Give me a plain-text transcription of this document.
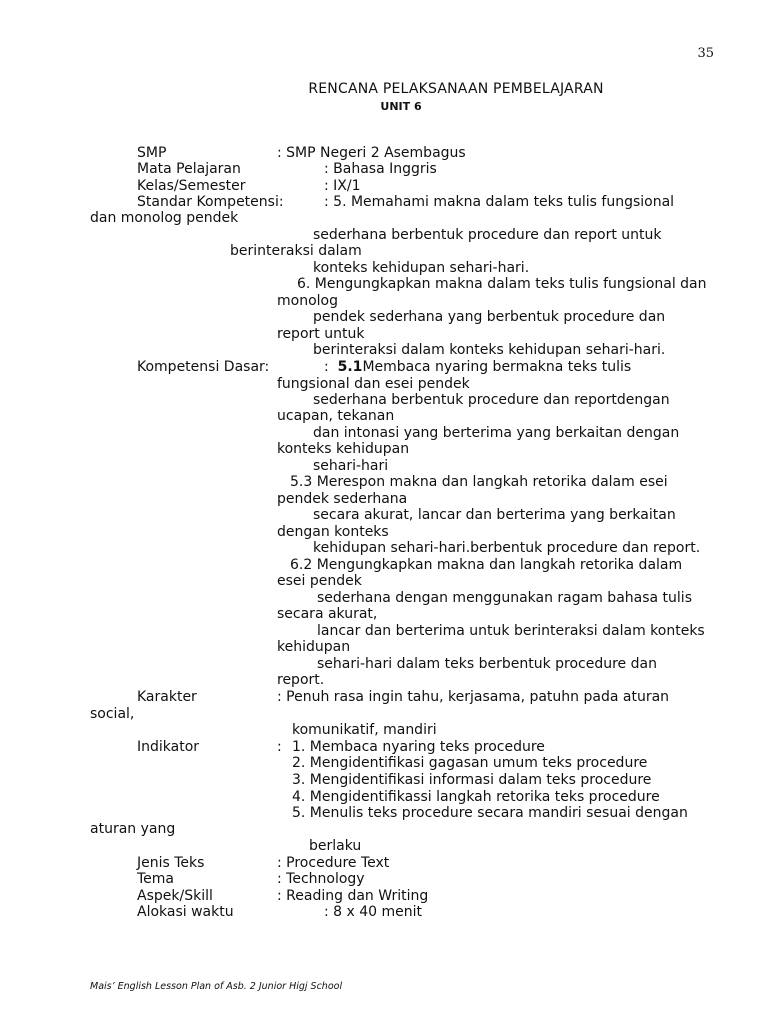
35
RENCANA PELAKSANAAN PEMBELAJARAN
UNIT 6
SMP	: SMP Negeri 2 Asembagus
Mata Pelajaran	: Bahasa Inggris
Kelas/Semester	: IX/1
Standar Kompetensi:	: 5. Memahami makna dalam teks tulis fungsional
dan monolog pendek
sederhana berbentuk procedure dan report untuk
berinteraksi dalam
konteks kehidupan sehari-hari.
6. Mengungkapkan makna dalam teks tulis fungsional dan
monolog
pendek sederhana yang berbentuk procedure dan
report untuk
berinteraksi dalam konteks kehidupan sehari-hari.
Kompetensi Dasar:	: 5.1Membaca nyaring bermakna teks tulis
fungsional dan esei pendek
sederhana berbentuk procedure dan reportdengan
ucapan, tekanan
dan intonasi yang berterima yang berkaitan dengan
konteks kehidupan
sehari-hari
5.3 Merespon makna dan langkah retorika dalam esei
pendek sederhana
secara akurat, lancar dan berterima yang berkaitan
dengan konteks
kehidupan sehari-hari.berbentuk procedure dan report.
6.2 Mengungkapkan makna dan langkah retorika dalam
esei pendek
sederhana dengan menggunakan ragam bahasa tulis
secara akurat,
lancar dan berterima untuk berinteraksi dalam konteks
kehidupan
sehari-hari dalam teks berbentuk procedure dan
report.
Karakter	: Penuh rasa ingin tahu, kerjasama, patuhn pada aturan
social,
komunikatif, mandiri
Indikator	: 1. Membaca nyaring teks procedure
2. Mengidentifikasi gagasan umum teks procedure
3. Mengidentifikasi informasi dalam teks procedure
4. Mengidentifikassi langkah retorika teks procedure
5. Menulis teks procedure secara mandiri sesuai dengan
aturan yang
berlaku
Jenis Teks	: Procedure Text
Tema	: Technology
Aspek/Skill	: Reading dan Writing
Alokasi waktu	: 8 x 40 menit
Mais’ English Lesson Plan of Asb. 2 Junior Higj School
